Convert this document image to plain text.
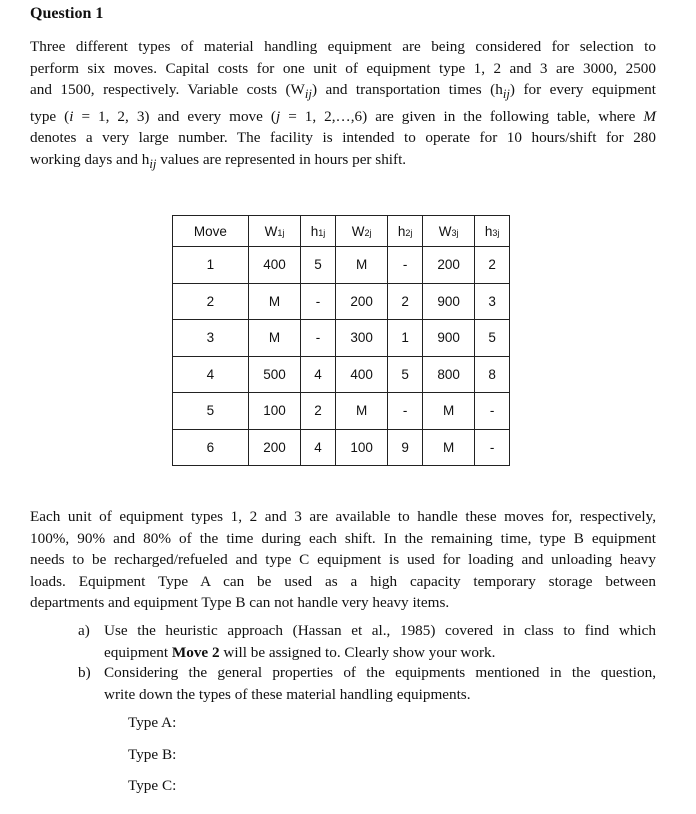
Question 1
Three different types of material handling equipment are being considered for selection to
perform six moves. Capital costs for one unit of equipment type 1, 2 and 3 are 3000, 2500
and 1500, respectively. Variable costs $(W_{ij})$ and transportation times $(h_{ij})$ for every equipment
type (i = 1, 2, 3) and every move (j = 1, 2,…,6) are given in the following table, where M
denotes a very large number. The facility is intended to operate for 10 hours/shift for 280
working days and $h_{ij}$ values are represented in hours per shift.
Move	W1j	h1j	W2j	h2j	W3j	h3j
1	400	5	M	-	200	2
2	M	-	200	2	900	3
3	M	-	300	1	900	5
4	500	4	400	5	800	8
5	100	2	M	-	M	-
6	200	4	100	9	M	-
Each unit of equipment types 1, 2 and 3 are available to handle these moves for, respectively,
100%, 90% and 80% of the time during each shift. In the remaining time, type B equipment
needs to be recharged/refueled and type C equipment is used for loading and unloading heavy
loads. Equipment Type A can be used as a high capacity temporary storage between
departments and equipment Type B can not handle very heavy items.
a) Use the heuristic approach (Hassan et al., 1985) covered in class to find which
equipment Move 2 will be assigned to. Clearly show your work.
b) Considering the general properties of the equipments mentioned in the question,
write down the types of these material handling equipments.
Type A:
Type B:
Type C:
